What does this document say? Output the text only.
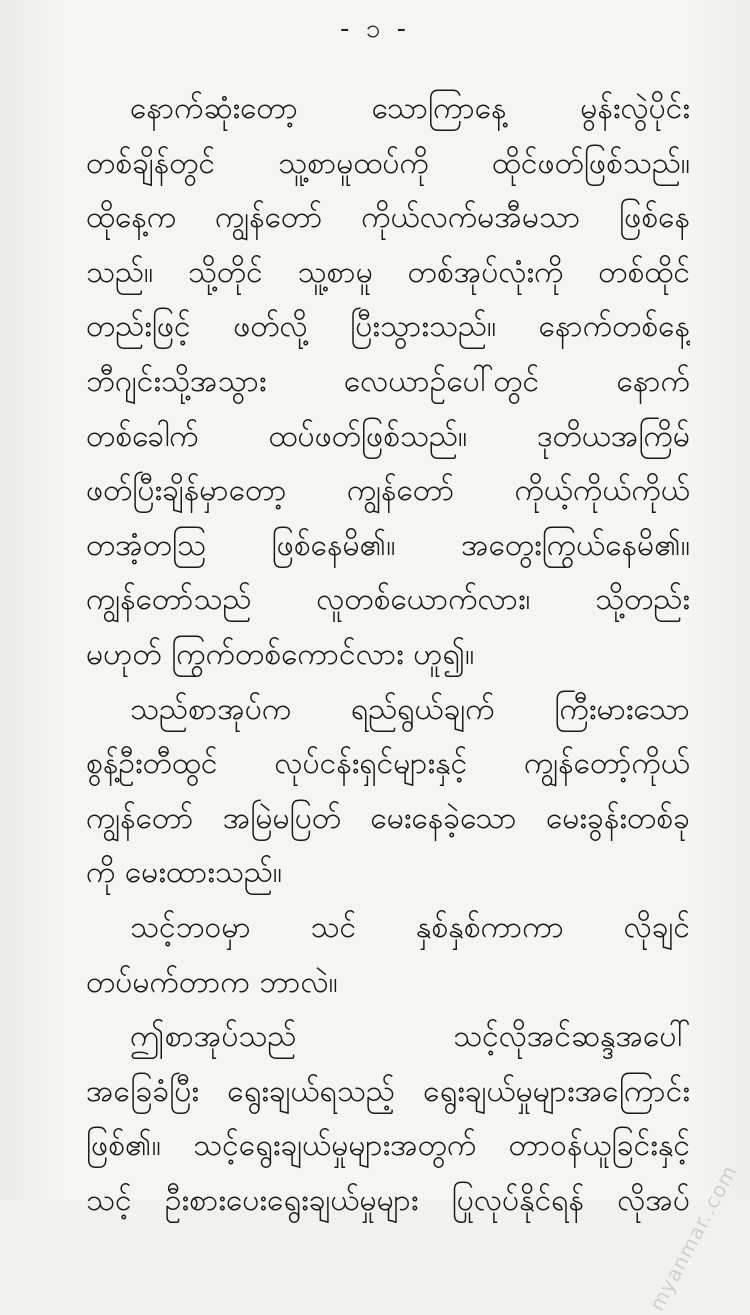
- ၁ -
နောက်ဆုံးတော့ သောကြာနေ့ မွန်းလွဲပိုင်း
တစ်ချိန်တွင် သူ့စာမူထပ်ကို ထိုင်ဖတ်ဖြစ်သည်။
ထိုနေ့က ကျွန်တော် ကိုယ်လက်မအီမသာ ဖြစ်နေ
သည်။ သို့တိုင် သူ့စာမူ တစ်အုပ်လုံးကို တစ်ထိုင်
တည်းဖြင့် ဖတ်လို့ ပြီးသွားသည်။ နောက်တစ်နေ့
ဘီဂျင်းသို့အသွား လေယာဉ်ပေါ်တွင် နောက်
တစ်ခေါက် ထပ်ဖတ်ဖြစ်သည်။ ဒုတိယအကြိမ်
ဖတ်ပြီးချိန်မှာတော့ ကျွန်တော် ကိုယ့်ကိုယ်ကိုယ်
တအံ့တသြ ဖြစ်နေမိ၏။ အတွေးကြွယ်နေမိ၏။
ကျွန်တော်သည် လူတစ်ယောက်လား၊ သို့တည်း
မဟုတ် ကြွက်တစ်ကောင်လား ဟူ၍။
သည်စာအုပ်က ရည်ရွယ်ချက် ကြီးမားသော
စွန့်ဦးတီထွင် လုပ်ငန်းရှင်များနှင့် ကျွန်တော့်ကိုယ်
ကျွန်တော် အမြဲမပြတ် မေးနေခဲ့သော မေးခွန်းတစ်ခု
ကို မေးထားသည်။
သင့်ဘဝမှာ သင် နှစ်နှစ်ကာကာ လိုချင်
တပ်မက်တာက ဘာလဲ။
ဤစာအုပ်သည် သင့်လိုအင်ဆန္ဒအပေါ်
အခြေခံပြီး ရွေးချယ်ရသည့် ရွေးချယ်မှုများအကြောင်း
ဖြစ်၏။ သင့်ရွေးချယ်မှုများအတွက် တာဝန်ယူခြင်းနှင့်
သင့် ဦးစားပေးရွေးချယ်မှုများ ပြုလုပ်နိုင်ရန် လိုအပ်
myanmar..com
